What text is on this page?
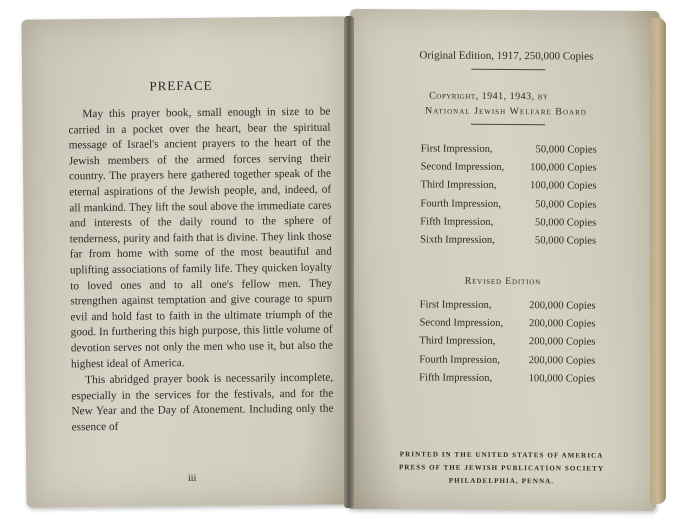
PREFACE

May this prayer book, small enough in size to be carried in a pocket over the heart, bear the spiritual message of Israel's ancient prayers to the heart of the Jewish members of the armed forces serving their country. The prayers here gathered together speak of the eternal aspirations of the Jewish people, and, indeed, of all mankind. They lift the soul above the immediate cares and interests of the daily round to the sphere of tenderness, purity and faith that is divine. They link those far from home with some of the most beautiful and uplifting associations of family life. They quicken loyalty to loved ones and to all one's fellow men. They strengthen against temptation and give courage to spurn evil and hold fast to faith in the ultimate triumph of the good. In furthering this high purpose, this little volume of devotion serves not only the men who use it, but also the highest ideal of America.

This abridged prayer book is necessarily incomplete, especially in the services for the festivals, and for the New Year and the Day of Atonement. Including only the essence of

iii
Original Edition, 1917, 250,000 Copies
Copyright, 1941, 1943, by
National Jewish Welfare Board
First Impression,	50,000 Copies
Second Impression, 100,000 Copies
Third Impression,	100,000 Copies
Fourth Impression,	50,000 Copies
Fifth Impression,	50,000 Copies
Sixth Impression,	50,000 Copies
Revised Edition
First Impression,	200,000 Copies
Second Impression, 200,000 Copies
Third Impression,	200,000 Copies
Fourth Impression,	200,000 Copies
Fifth Impression,	100,000 Copies
PRINTED IN THE UNITED STATES OF AMERICA
PRESS OF THE JEWISH PUBLICATION SOCIETY
PHILADELPHIA, PENNA.
